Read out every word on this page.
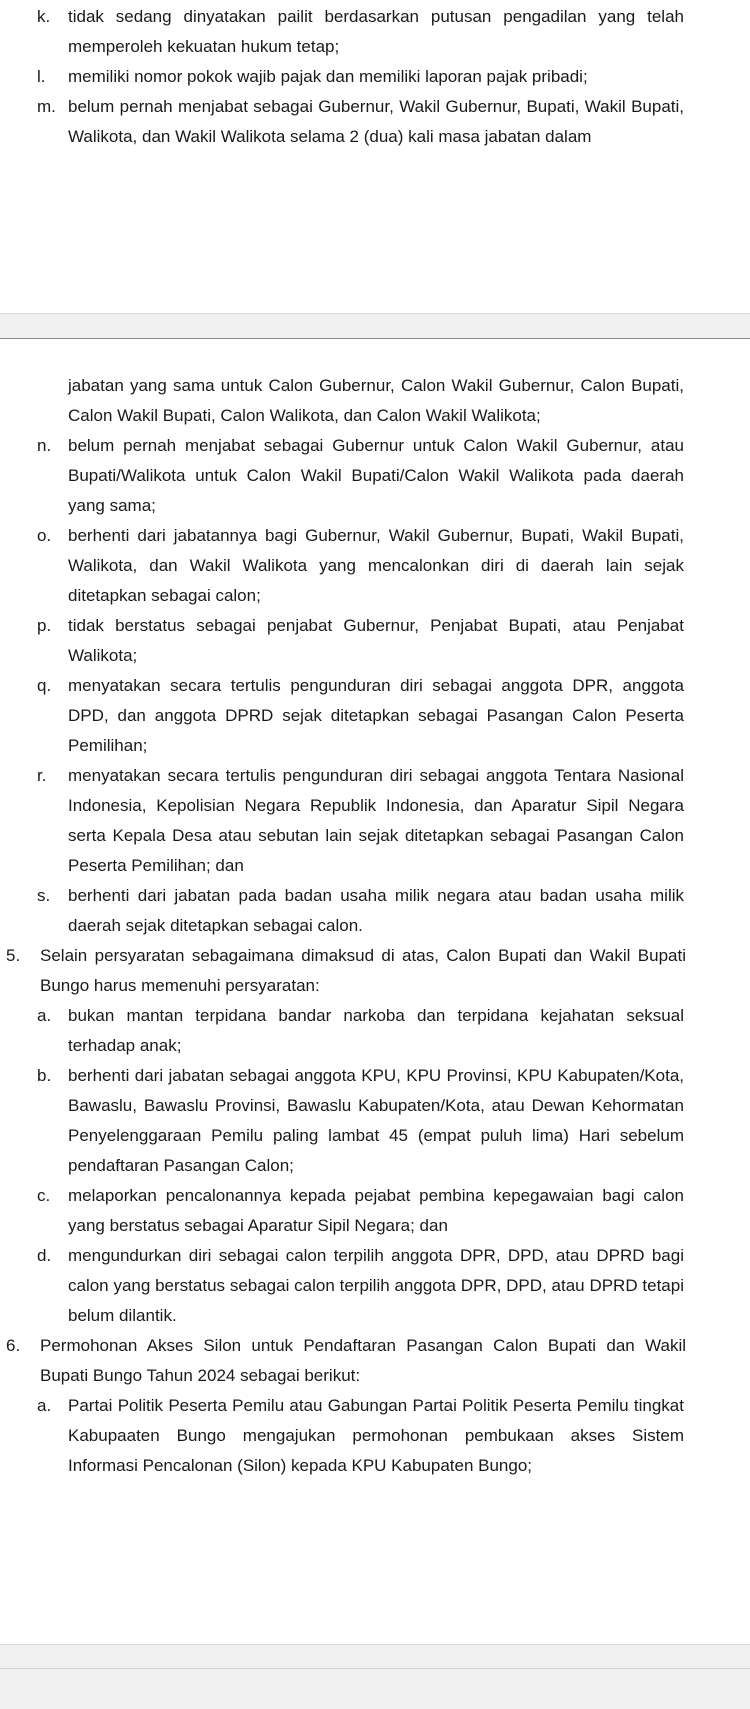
k.	tidak sedang dinyatakan pailit berdasarkan putusan pengadilan yang telah memperoleh kekuatan hukum tetap;
l.	memiliki nomor pokok wajib pajak dan memiliki laporan pajak pribadi;
m. belum pernah menjabat sebagai Gubernur, Wakil Gubernur, Bupati, Wakil Bupati, Walikota, dan Wakil Walikota selama 2 (dua) kali masa jabatan dalam
jabatan yang sama untuk Calon Gubernur, Calon Wakil Gubernur, Calon Bupati, Calon Wakil Bupati, Calon Walikota, dan Calon Wakil Walikota;
n. belum pernah menjabat sebagai Gubernur untuk Calon Wakil Gubernur, atau Bupati/Walikota untuk Calon Wakil Bupati/Calon Wakil Walikota pada daerah yang sama;
o. berhenti dari jabatannya bagi Gubernur, Wakil Gubernur, Bupati, Wakil Bupati, Walikota, dan Wakil Walikota yang mencalonkan diri di daerah lain sejak ditetapkan sebagai calon;
p. tidak berstatus sebagai penjabat Gubernur, Penjabat Bupati, atau Penjabat Walikota;
q. menyatakan secara tertulis pengunduran diri sebagai anggota DPR, anggota DPD, dan anggota DPRD sejak ditetapkan sebagai Pasangan Calon Peserta Pemilihan;
r.	menyatakan secara tertulis pengunduran diri sebagai anggota Tentara Nasional Indonesia, Kepolisian Negara Republik Indonesia, dan Aparatur Sipil Negara serta Kepala Desa atau sebutan lain sejak ditetapkan sebagai Pasangan Calon Peserta Pemilihan; dan
s.	berhenti dari jabatan pada badan usaha milik negara atau badan usaha milik daerah sejak ditetapkan sebagai calon.
5.	Selain persyaratan sebagaimana dimaksud di atas, Calon Bupati dan Wakil Bupati Bungo harus memenuhi persyaratan:
a. bukan mantan terpidana bandar narkoba dan terpidana kejahatan seksual terhadap anak;
b. berhenti dari jabatan sebagai anggota KPU, KPU Provinsi, KPU Kabupaten/Kota, Bawaslu, Bawaslu Provinsi, Bawaslu Kabupaten/Kota, atau Dewan Kehormatan Penyelenggaraan Pemilu paling lambat 45 (empat puluh lima) Hari sebelum pendaftaran Pasangan Calon;
c.	melaporkan pencalonannya kepada pejabat pembina kepegawaian bagi calon yang berstatus sebagai Aparatur Sipil Negara; dan
d. mengundurkan diri sebagai calon terpilih anggota DPR, DPD, atau DPRD bagi calon yang berstatus sebagai calon terpilih anggota DPR, DPD, atau DPRD tetapi belum dilantik.
6.	Permohonan Akses Silon untuk Pendaftaran Pasangan Calon Bupati dan Wakil Bupati Bungo Tahun 2024 sebagai berikut:
a. Partai Politik Peserta Pemilu atau Gabungan Partai Politik Peserta Pemilu tingkat Kabupaaten Bungo mengajukan permohonan pembukaan akses Sistem Informasi Pencalonan (Silon) kepada KPU Kabupaten Bungo;
